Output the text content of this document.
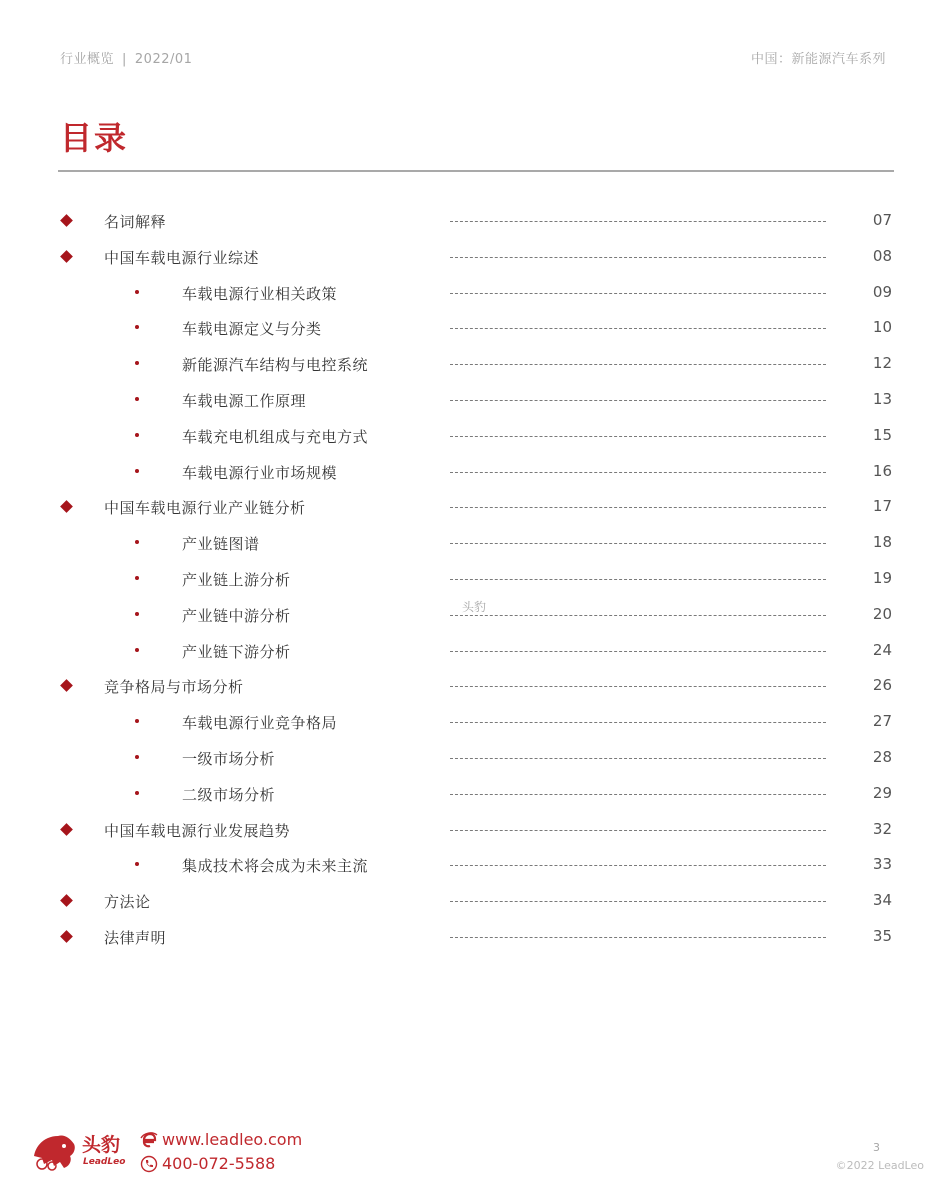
行业概览 | 2022/01	中国：新能源汽车系列
目录
名词解释	07
中国车载电源行业综述	08
车载电源行业相关政策	09
车载电源定义与分类	10
新能源汽车结构与电控系统	12
车载电源工作原理	13
车载充电机组成与充电方式	15
车载电源行业市场规模	16
中国车载电源行业产业链分析	17
产业链图谱	18
产业链上游分析	19
产业链中游分析	20
产业链下游分析	24
竞争格局与市场分析	26
车载电源行业竞争格局	27
一级市场分析	28
二级市场分析	29
中国车载电源行业发展趋势	32
集成技术将会成为未来主流	33
方法论	34
法律声明	35
头豹
头豹
LeadLeo
www.leadleo.com
400-072-5588
3
©2022 LeadLeo
